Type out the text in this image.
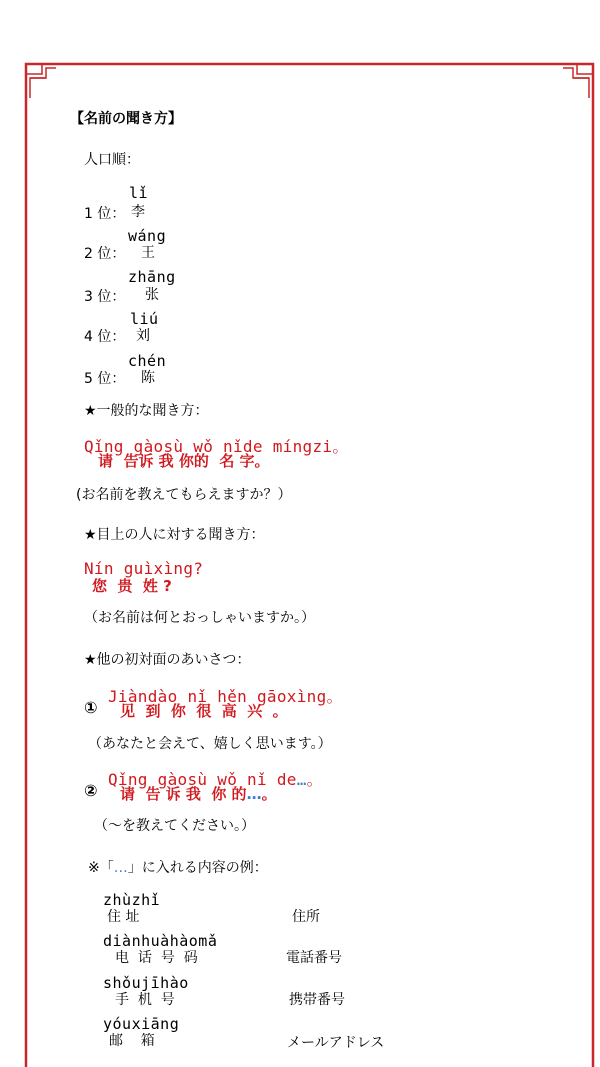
【名前の聞き方】
人口順：
lǐ
1 位： 李
wáng
2 位： 王
zhāng
3 位： 张
liú
4 位： 刘
chén
5 位： 陈
★一般的な聞き方：
Qǐng gàosù wǒ nǐde míngzi。
请  告诉 我 你的  名 字。
(お名前を教えてもらえますか？）
★目上の人に対する聞き方：
Nín guìxìng?
您  贵  姓 ?
（お名前は何とおっしゃいますか。）
★他の初対面のあいさつ：
Jiàndào nǐ hěn gāoxìng。
① 见  到  你  很  高  兴  。
（あなたと会えて、嬉しく思います。）
Qǐng gàosù wǒ nǐ de…。
② 请  告 诉 我  你 的…。
（～を教えてください。）
※「…」に入れる内容の例：
zhùzhǐ
住 址	住所
diànhuàhàomǎ
电  话  号  码	電話番号
shǒujīhào
手  机  号	携帯番号
yóuxiāng
邮    箱	メールアドレス
